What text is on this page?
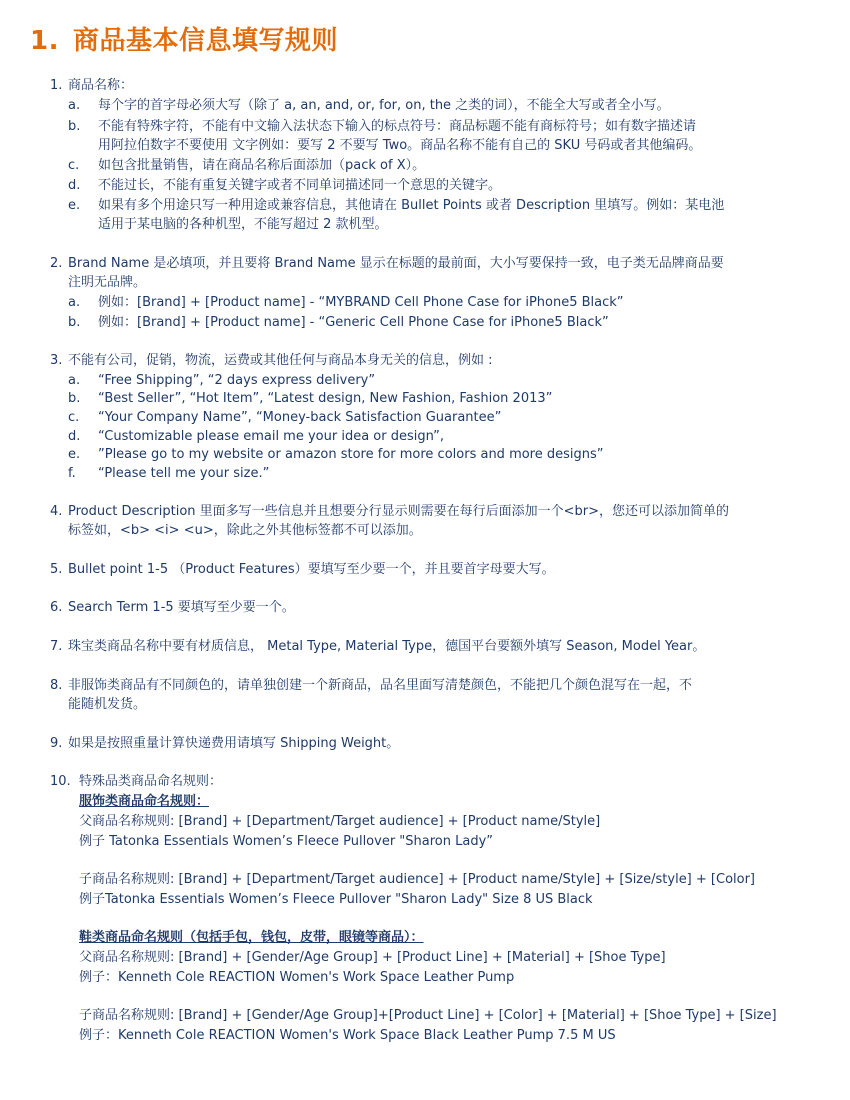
1. 商品基本信息填写规则
1. 商品名称：
a. 每个字的首字母必须大写（除了 a, an, and, or, for, on, the 之类的词），不能全大写或者全小写。
b. 不能有特殊字符，不能有中文输入法状态下输入的标点符号：商品标题不能有商标符号；如有数字描述请
用阿拉伯数字不要使用 文字例如：要写 2 不要写 Two。商品名称不能有自己的 SKU 号码或者其他编码。
c. 如包含批量销售，请在商品名称后面添加（pack of X）。
d. 不能过长，不能有重复关键字或者不同单词描述同一个意思的关键字。
e. 如果有多个用途只写一种用途或兼容信息，其他请在 Bullet Points 或者 Description 里填写。例如：某电池
适用于某电脑的各种机型，不能写超过 2 款机型。
2. Brand Name 是必填项，并且要将 Brand Name 显示在标题的最前面，大小写要保持一致，电子类无品牌商品要
注明无品牌。
a. 例如：[Brand] + [Product name] - “MYBRAND Cell Phone Case for iPhone5 Black”
b. 例如：[Brand] + [Product name] - “Generic Cell Phone Case for iPhone5 Black”
3. 不能有公司，促销，物流，运费或其他任何与商品本身无关的信息，例如 :
a. “Free Shipping”, “2 days express delivery”
b. “Best Seller”, “Hot Item”, “Latest design, New Fashion, Fashion 2013”
c. “Your Company Name”, “Money-back Satisfaction Guarantee”
d. “Customizable please email me your idea or design”,
e. ”Please go to my website or amazon store for more colors and more designs”
f. “Please tell me your size.”
4. Product Description 里面多写一些信息并且想要分行显示则需要在每行后面添加一个<br>，您还可以添加简单的
标签如，<b> <i> <u>，除此之外其他标签都不可以添加。
5. Bullet point 1-5 （Product Features）要填写至少要一个，并且要首字母要大写。
6. Search Term 1-5 要填写至少要一个。
7. 珠宝类商品名称中要有材质信息， Metal Type, Material Type，德国平台要额外填写 Season, Model Year。
8. 非服饰类商品有不同颜色的，请单独创建一个新商品，品名里面写清楚颜色，不能把几个颜色混写在一起，不
能随机发货。
9. 如果是按照重量计算快递费用请填写 Shipping Weight。
10. 特殊品类商品命名规则：
服饰类商品命名规则：
父商品名称规则: [Brand] + [Department/Target audience] + [Product name/Style]
例子 Tatonka Essentials Women’s Fleece Pullover "Sharon Lady”
子商品名称规则: [Brand] + [Department/Target audience] + [Product name/Style] + [Size/style] + [Color]
例子Tatonka Essentials Women’s Fleece Pullover "Sharon Lady" Size 8 US Black
鞋类商品命名规则（包括手包，钱包，皮带，眼镜等商品）：
父商品名称规则: [Brand] + [Gender/Age Group] + [Product Line] + [Material] + [Shoe Type]
例子：Kenneth Cole REACTION Women's Work Space Leather Pump
子商品名称规则: [Brand] + [Gender/Age Group]+[Product Line] + [Color] + [Material] + [Shoe Type] + [Size]
例子：Kenneth Cole REACTION Women's Work Space Black Leather Pump 7.5 M US
